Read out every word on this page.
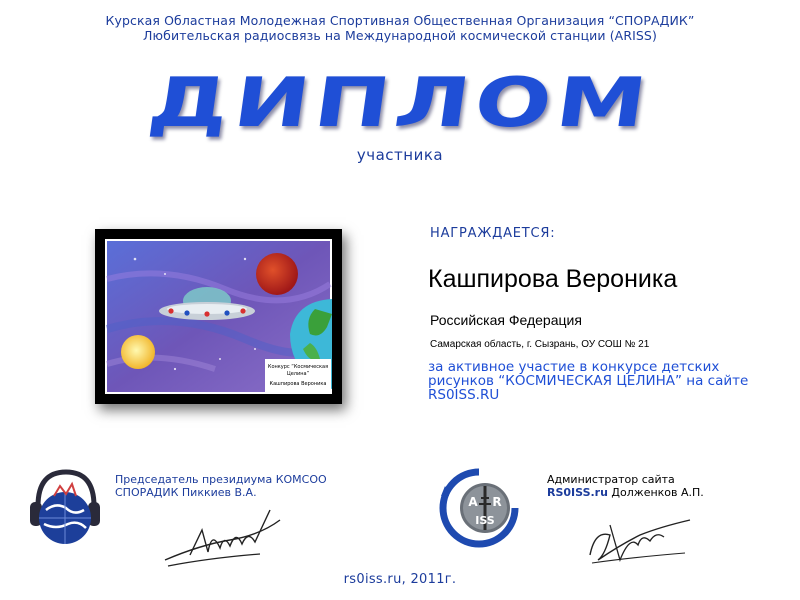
Курская Областная Молодежная Спортивная Общественная Организация “СПОРАДИК”
Любительская радиосвязь на Международной космической станции (ARISS)
ДИПЛОМ
участника
Конкурс “Космическая
Целина”
Кашпирова Вероника
НАГРАЖДАЕТСЯ:
Кашпирова Вероника
Российская Федерация
Самарская область, г. Сызрань, ОУ СОШ № 21
за активное участие в конкурсе детских рисунков “КОСМИЧЕСКАЯ ЦЕЛИНА” на сайте RS0ISS.RU
Председатель президиума КОМСОО
СПОРАДИК Пиккиев В.А.
A R
ISS
Администратор сайта
RS0ISS.ru Долженков А.П.
rs0iss.ru, 2011г.
